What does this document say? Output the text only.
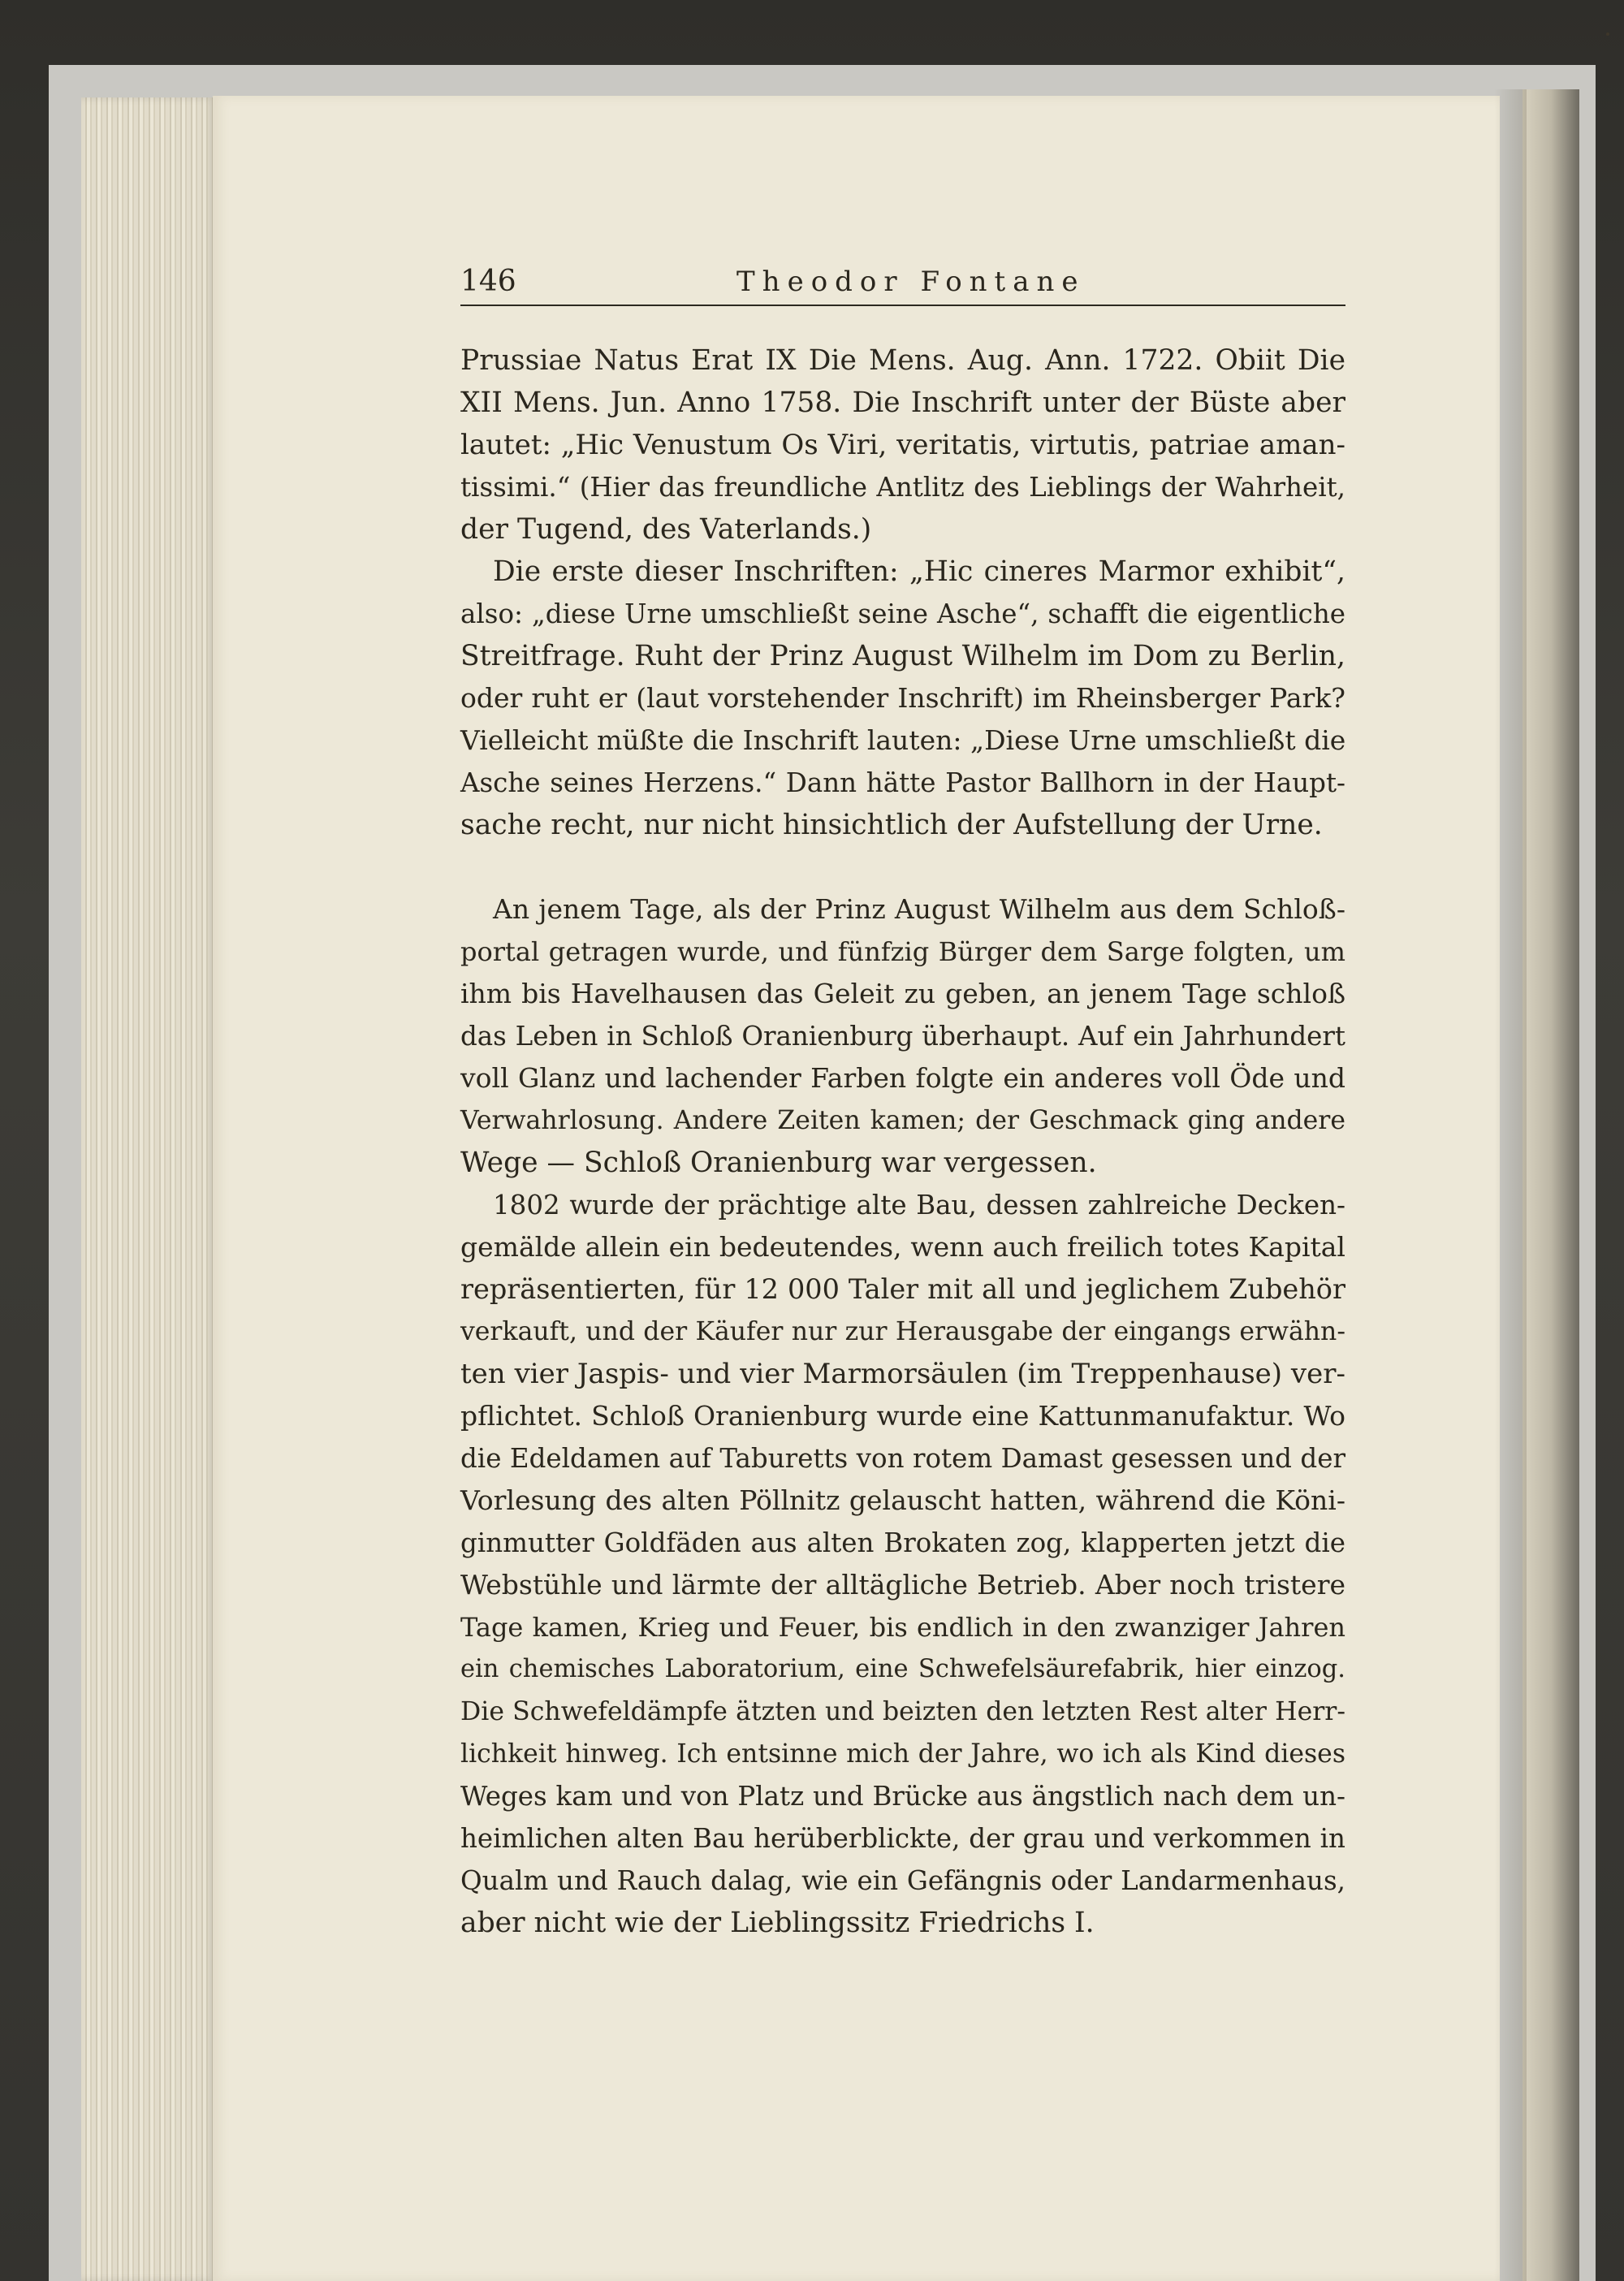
146	Theodor Fontane
Prussiae Natus Erat IX Die Mens. Aug. Ann. 1722. Obiit Die
XII Mens. Jun. Anno 1758. Die Inschrift unter der Büste aber
lautet: „Hic Venustum Os Viri, veritatis, virtutis, patriae aman-
tissimi.“ (Hier das freundliche Antlitz des Lieblings der Wahrheit,
der Tugend, des Vaterlands.)
Die erste dieser Inschriften: „Hic cineres Marmor exhibit“,
also: „diese Urne umschließt seine Asche“, schafft die eigentliche
Streitfrage. Ruht der Prinz August Wilhelm im Dom zu Berlin,
oder ruht er (laut vorstehender Inschrift) im Rheinsberger Park?
Vielleicht müßte die Inschrift lauten: „Diese Urne umschließt die
Asche seines Herzens.“ Dann hätte Pastor Ballhorn in der Haupt-
sache recht, nur nicht hinsichtlich der Aufstellung der Urne.
An jenem Tage, als der Prinz August Wilhelm aus dem Schloß-
portal getragen wurde, und fünfzig Bürger dem Sarge folgten, um
ihm bis Havelhausen das Geleit zu geben, an jenem Tage schloß
das Leben in Schloß Oranienburg überhaupt. Auf ein Jahrhundert
voll Glanz und lachender Farben folgte ein anderes voll Öde und
Verwahrlosung. Andere Zeiten kamen; der Geschmack ging andere
Wege — Schloß Oranienburg war vergessen.
1802 wurde der prächtige alte Bau, dessen zahlreiche Decken-
gemälde allein ein bedeutendes, wenn auch freilich totes Kapital
repräsentierten, für 12 000 Taler mit all und jeglichem Zubehör
verkauft, und der Käufer nur zur Herausgabe der eingangs erwähn-
ten vier Jaspis- und vier Marmorsäulen (im Treppenhause) ver-
pflichtet. Schloß Oranienburg wurde eine Kattunmanufaktur. Wo
die Edeldamen auf Taburetts von rotem Damast gesessen und der
Vorlesung des alten Pöllnitz gelauscht hatten, während die Köni-
ginmutter Goldfäden aus alten Brokaten zog, klapperten jetzt die
Webstühle und lärmte der alltägliche Betrieb. Aber noch tristere
Tage kamen, Krieg und Feuer, bis endlich in den zwanziger Jahren
ein chemisches Laboratorium, eine Schwefelsäurefabrik, hier einzog.
Die Schwefeldämpfe ätzten und beizten den letzten Rest alter Herr-
lichkeit hinweg. Ich entsinne mich der Jahre, wo ich als Kind dieses
Weges kam und von Platz und Brücke aus ängstlich nach dem un-
heimlichen alten Bau herüberblickte, der grau und verkommen in
Qualm und Rauch dalag, wie ein Gefängnis oder Landarmenhaus,
aber nicht wie der Lieblingssitz Friedrichs I.
